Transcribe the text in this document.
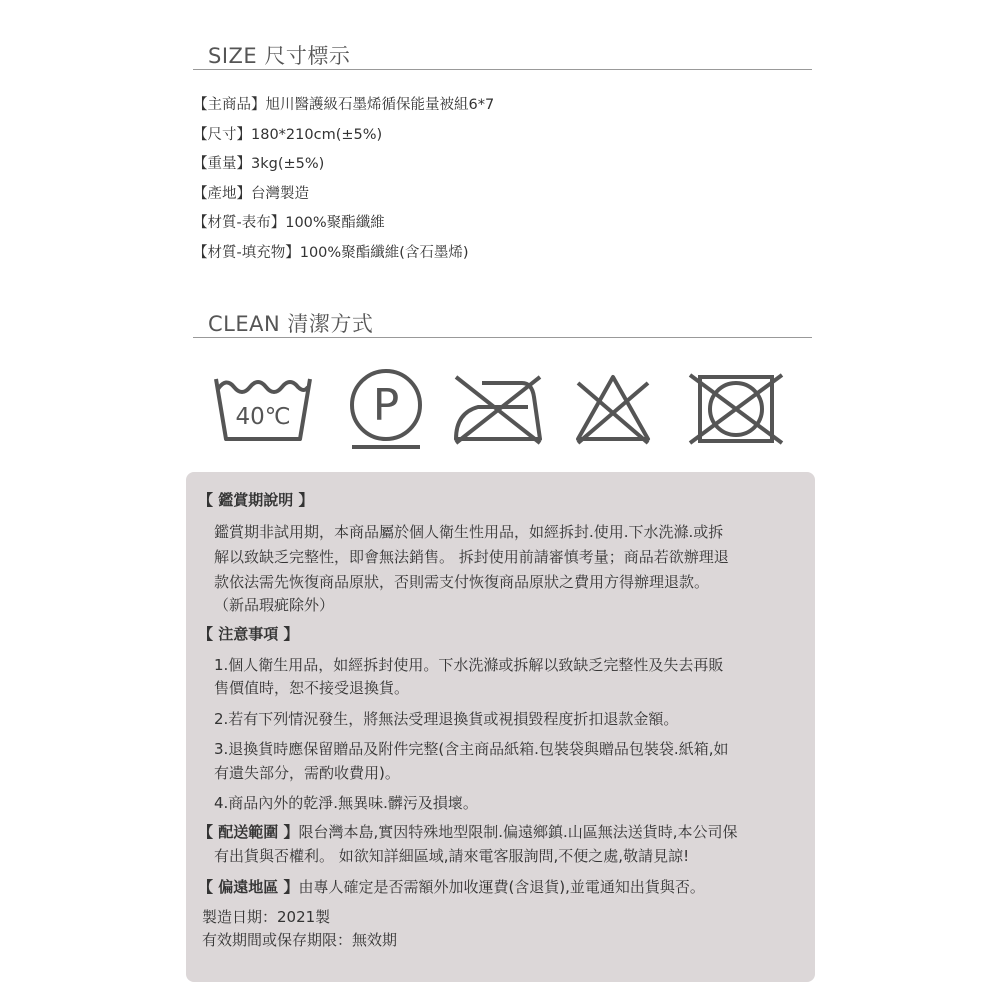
SIZE 尺寸標示
【主商品】旭川醫護級石墨烯循保能量被組6*7
【尺寸】180*210cm(±5%)
【重量】3kg(±5%)
【產地】台灣製造
【材質-表布】100%聚酯纖維
【材質-填充物】100%聚酯纖維(含石墨烯)
CLEAN 清潔方式
40℃ P
【 鑑賞期說明 】
鑑賞期非試用期，本商品屬於個人衛生性用品，如經拆封.使用.下水洗滌.或拆
解以致缺乏完整性，即會無法銷售。 拆封使用前請審慎考量；商品若欲辦理退
款依法需先恢復商品原狀，否則需支付恢復商品原狀之費用方得辦理退款。
（新品瑕疵除外）
【 注意事項 】
1.個人衛生用品，如經拆封使用。下水洗滌或拆解以致缺乏完整性及失去再販
售價值時，恕不接受退換貨。
2.若有下列情況發生，將無法受理退換貨或視損毀程度折扣退款金額。
3.退換貨時應保留贈品及附件完整(含主商品紙箱.包裝袋與贈品包裝袋.紙箱,如
有遺失部分，需酌收費用)。
4.商品內外的乾淨.無異味.髒污及損壞。
【 配送範圍 】限台灣本島,實因特殊地型限制.偏遠鄉鎮.山區無法送貨時,本公司保
有出貨與否權利。 如欲知詳細區域,請來電客服詢問,不便之處,敬請見諒!
【 偏遠地區 】由專人確定是否需額外加收運費(含退貨),並電通知出貨與否。
製造日期：2021製
有效期間或保存期限：無效期
